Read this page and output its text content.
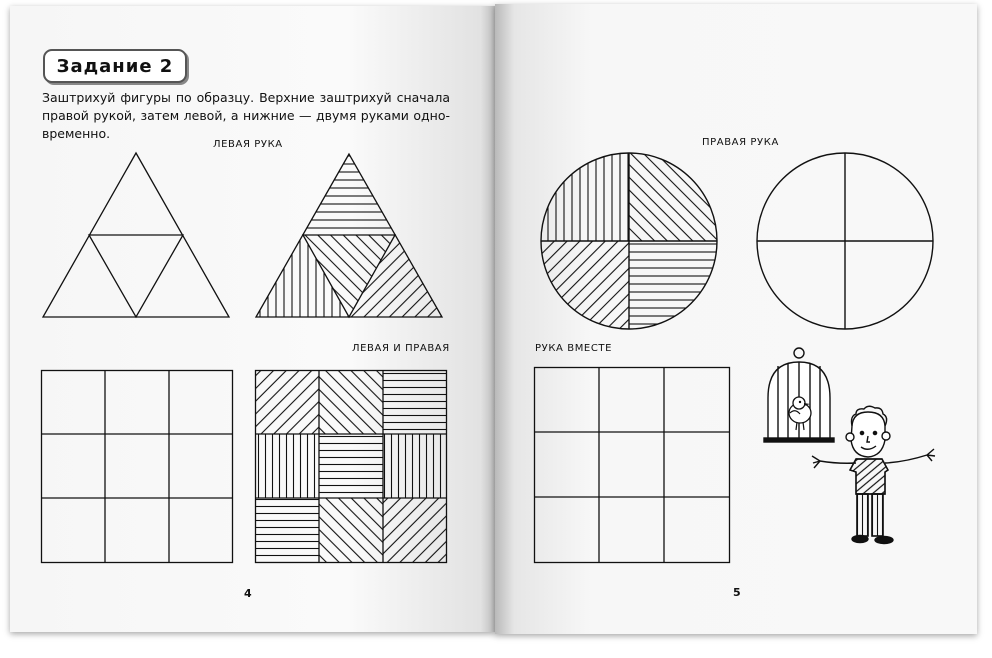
Задание 2

Заштрихуй фигуры по образцу. Верхние заштрихуй сначала правой рукой, затем левой, а нижние — двумя руками одно-временно.

ЛЕВАЯ РУКА	ПРАВАЯ РУКА
ЛЕВАЯ И ПРАВАЯ	РУКА ВМЕСТЕ
4	5
